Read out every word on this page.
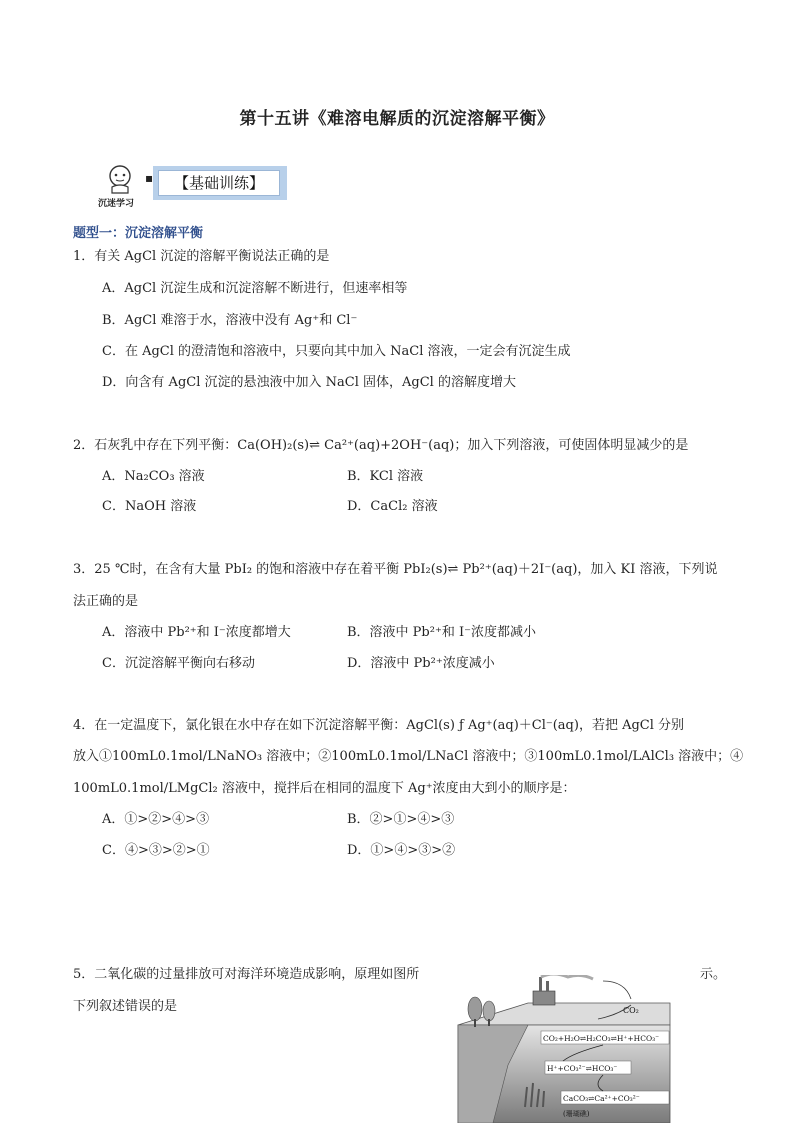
第十五讲《难溶电解质的沉淀溶解平衡》
沉迷学习
▪	【基础训练】
题型一：沉淀溶解平衡
1．有关 AgCl 沉淀的溶解平衡说法正确的是
A．AgCl 沉淀生成和沉淀溶解不断进行，但速率相等
B．AgCl 难溶于水，溶液中没有 Ag⁺和 Cl⁻
C．在 AgCl 的澄清饱和溶液中，只要向其中加入 NaCl 溶液，一定会有沉淀生成
D．向含有 AgCl 沉淀的悬浊液中加入 NaCl 固体，AgCl 的溶解度增大
2．石灰乳中存在下列平衡：Ca(OH)₂(s)⇌ Ca²⁺(aq)+2OH⁻(aq)；加入下列溶液，可使固体明显减少的是
A．Na₂CO₃ 溶液	B．KCl 溶液
C．NaOH 溶液	D．CaCl₂ 溶液
3．25 ℃时，在含有大量 PbI₂ 的饱和溶液中存在着平衡 PbI₂(s)⇌ Pb²⁺(aq)＋2I⁻(aq)，加入 KI 溶液，下列说
法正确的是
A．溶液中 Pb²⁺和 I⁻浓度都增大	B．溶液中 Pb²⁺和 I⁻浓度都减小
C．沉淀溶解平衡向右移动	D．溶液中 Pb²⁺浓度减小
4．在一定温度下，氯化银在水中存在如下沉淀溶解平衡：AgCl(s) ƒ Ag⁺(aq)＋Cl⁻(aq)，若把 AgCl 分别
放入①100mL0.1mol/LNaNO₃ 溶液中；②100mL0.1mol/LNaCl 溶液中；③100mL0.1mol/LAlCl₃ 溶液中；④
100mL0.1mol/LMgCl₂ 溶液中，搅拌后在相同的温度下 Ag⁺浓度由大到小的顺序是：
A．①>②>④>③	B．②>①>④>③
C．④>③>②>①	D．①>④>③>②
5．二氧化碳的过量排放可对海洋环境造成影响，原理如图所	示。
下列叙述错误的是	CO₂
CO₂+H₂O⇌H₂CO₃⇌H⁺+HCO₃⁻
H⁺+CO₃²⁻⇌HCO₃⁻
CaCO₃⇌Ca²⁺+CO₃²⁻
(珊瑚礁)
